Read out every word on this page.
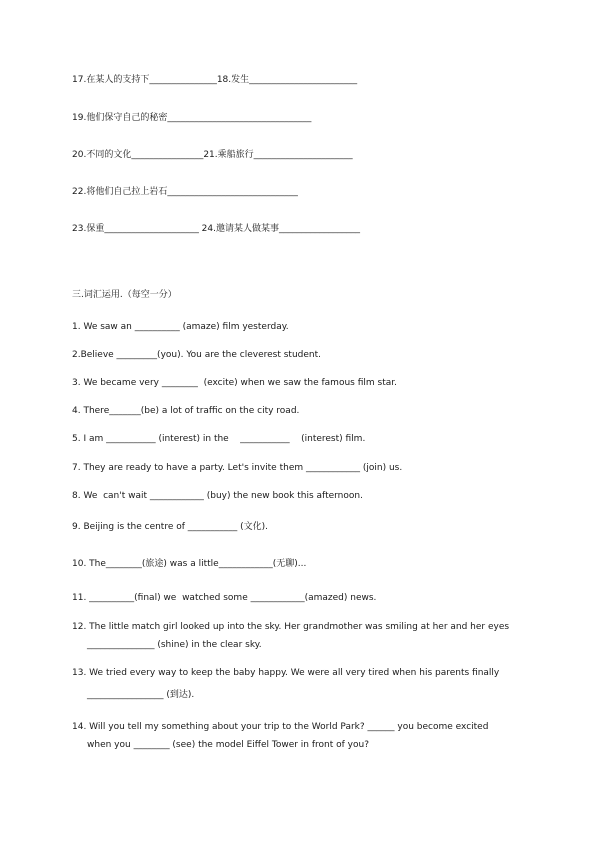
17.在某人的支持下_______________18.发生________________________
19.他们保守自己的秘密________________________________
20.不同的文化________________21.乘船旅行______________________
22.将他们自己拉上岩石_____________________________
23.保重_____________________ 24.邀请某人做某事__________________
三.词汇运用.（每空一分）
1. We saw an __________ (amaze) film yesterday.
2.Believe _________(you). You are the cleverest student.
3. We became very ________  (excite) when we saw the famous film star.
4. There_______(be) a lot of traffic on the city road.
5. I am ___________ (interest) in the    ___________    (interest) film.
7. They are ready to have a party. Let's invite them ____________ (join) us.
8. We  can't wait ____________ (buy) the new book this afternoon.
9. Beijing is the centre of ___________ (文化).
10. The________(旅途) was a little____________(无聊)...
11. __________(final) we  watched some ____________(amazed) news.
12. The little match girl looked up into the sky. Her grandmother was smiling at her and her eyes
_______________ (shine) in the clear sky.
13. We tried every way to keep the baby happy. We were all very tired when his parents finally
_________________ (到达).
14. Will you tell my something about your trip to the World Park? ______ you become excited
when you ________ (see) the model Eiffel Tower in front of you?
